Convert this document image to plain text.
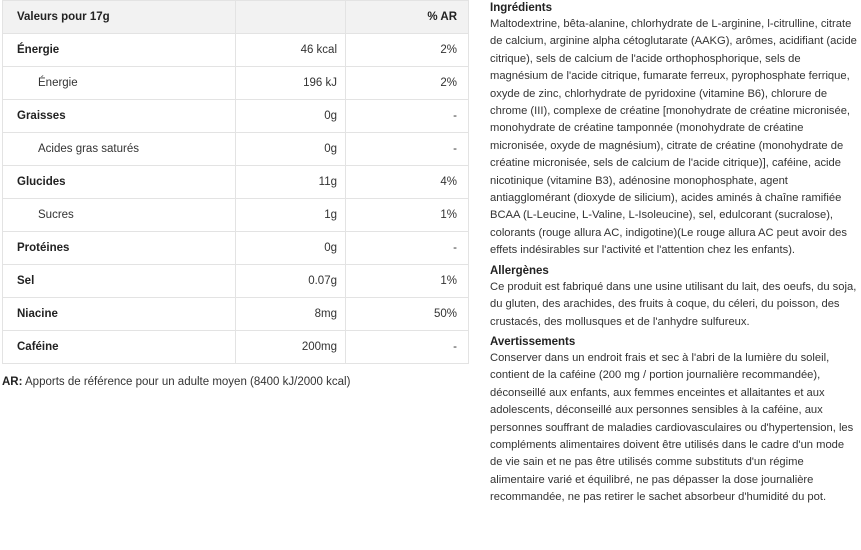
Valeurs pour 17g		% AR
Énergie	46 kcal	2%
Énergie	196 kJ	2%
Graisses	0g	-
Acides gras saturés	0g	-
Glucides	11g	4%
Sucres	1g	1%
Protéines	0g	-
Sel	0.07g	1%
Niacine	8mg	50%
Caféine	200mg	-
AR: Apports de référence pour un adulte moyen (8400 kJ/2000 kcal)
Ingrédients

Maltodextrine, bêta-alanine, chlorhydrate de L-arginine, l-citrulline, citrate de calcium, arginine alpha cétoglutarate (AAKG), arômes, acidifiant (acide citrique), sels de calcium de l'acide orthophosphorique, sels de magnésium de l'acide citrique, fumarate ferreux, pyrophosphate ferrique, oxyde de zinc, chlorhydrate de pyridoxine (vitamine B6), chlorure de chrome (III), complexe de créatine [monohydrate de créatine micronisée, monohydrate de créatine tamponnée (monohydrate de créatine micronisée, oxyde de magnésium), citrate de créatine (monohydrate de créatine micronisée, sels de calcium de l'acide citrique)], caféine, acide nicotinique (vitamine B3), adénosine monophosphate, agent antiagglomérant (dioxyde de silicium), acides aminés à chaîne ramifiée BCAA (L-Leucine, L-Valine, L-Isoleucine), sel, edulcorant (sucralose), colorants (rouge allura AC, indigotine)(Le rouge allura AC peut avoir des effets indésirables sur l'activité et l'attention chez les enfants).

Allergènes

Ce produit est fabriqué dans une usine utilisant du lait, des oeufs, du soja, du gluten, des arachides, des fruits à coque, du céleri, du poisson, des crustacés, des mollusques et de l'anhydre sulfureux.

Avertissements

Conserver dans un endroit frais et sec à l'abri de la lumière du soleil, contient de la caféine (200 mg / portion journalière recommandée), déconseillé aux enfants, aux femmes enceintes et allaitantes et aux adolescents, déconseillé aux personnes sensibles à la caféine, aux personnes souffrant de maladies cardiovasculaires ou d'hypertension, les compléments alimentaires doivent être utilisés dans le cadre d'un mode de vie sain et ne pas être utilisés comme substituts d'un régime alimentaire varié et équilibré, ne pas dépasser la dose journalière recommandée, ne pas retirer le sachet absorbeur d'humidité du pot.
